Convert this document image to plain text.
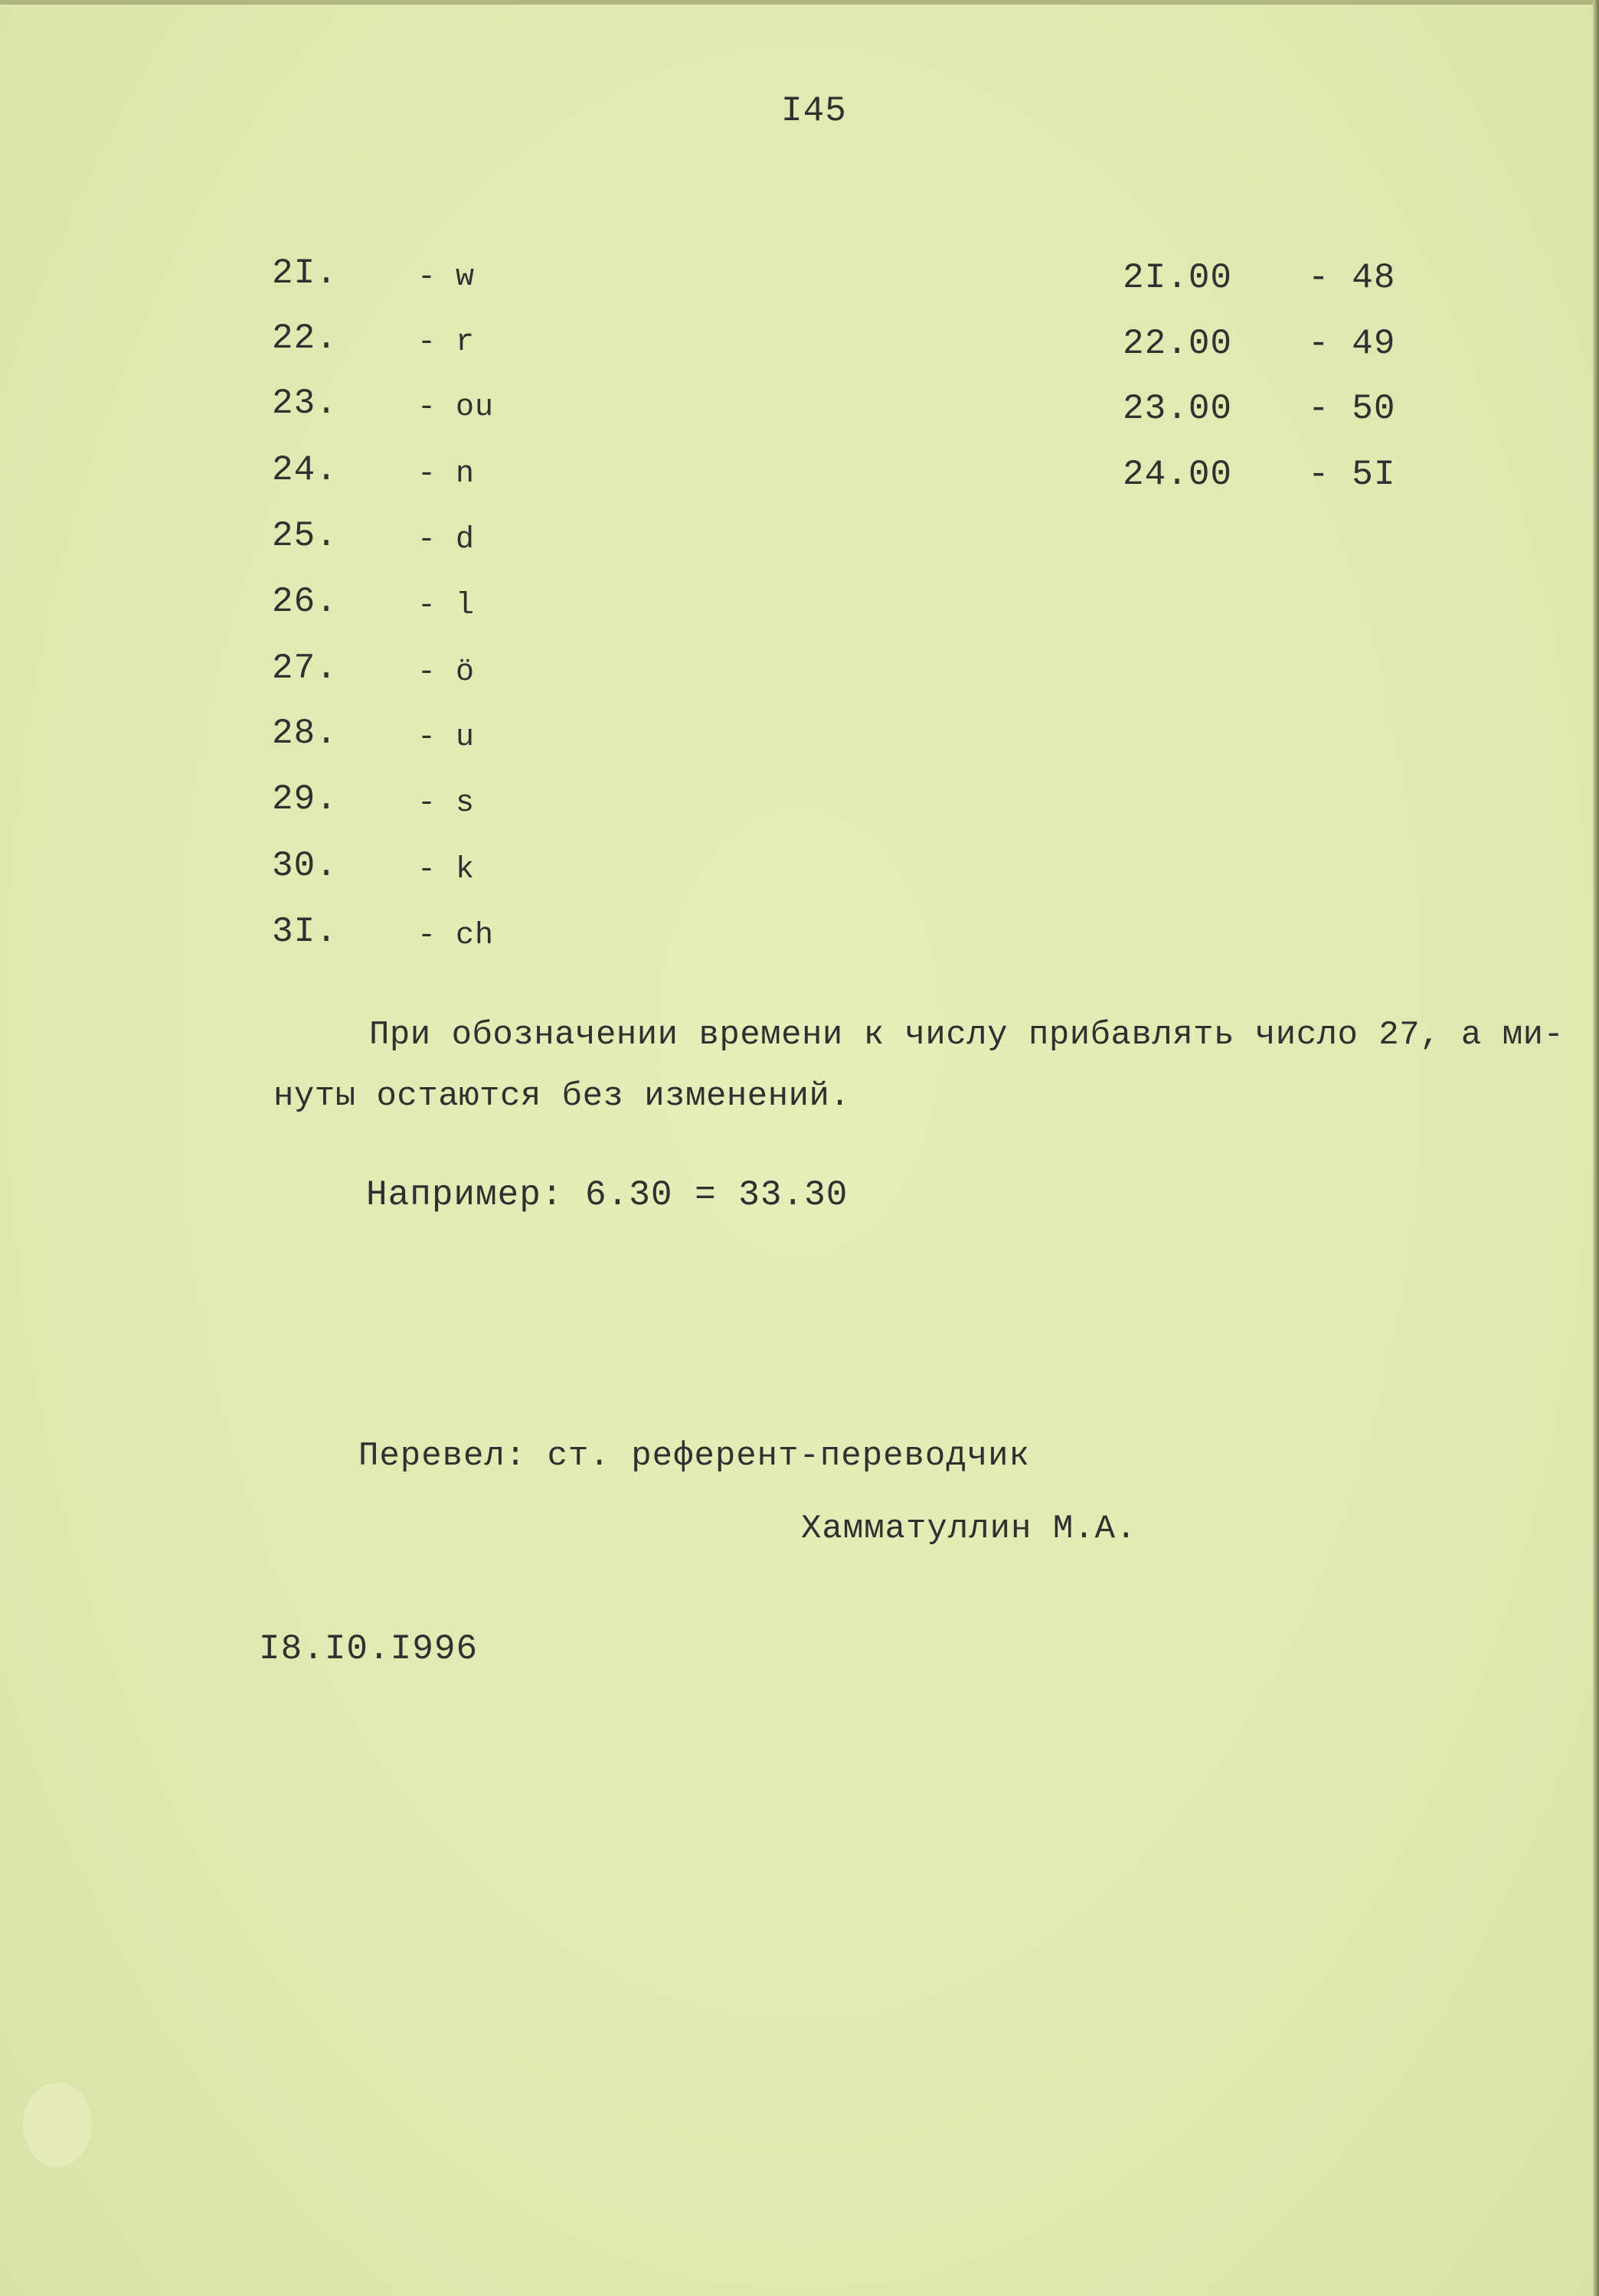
I45
2I.
22.
23.
24.
25.
26.
27.
28.
29.
30.
3I.
- w
- r
- ou
- n
- d
- l
- ö
- u
- s
- k
- ch
2I.00
22.00
23.00
24.00
- 48
- 49
- 50
- 5I
При обозначении времени к числу прибавлять число 27, а ми-
нуты остаются без изменений.
Например: 6.30 = 33.30
Перевел: ст. референт-переводчик
Хамматуллин М.А.
I8.I0.I996
